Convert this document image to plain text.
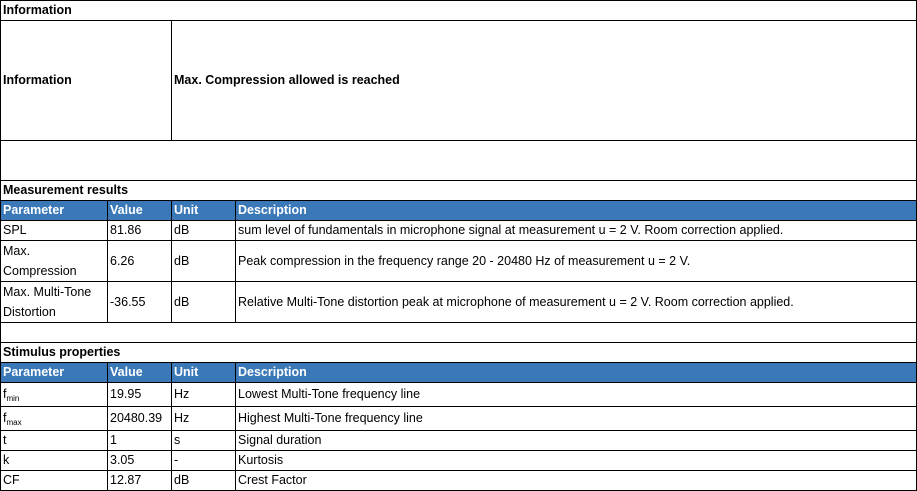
Information			
Information		Max. Compression allowed is reached	

Measurement results			
Parameter	Value	Unit	Description
SPL	81.86	dB	sum level of fundamentals in microphone signal at measurement u = 2 V. Room correction applied.
Max. Compression	6.26	dB	Peak compression in the frequency range 20 - 20480 Hz of measurement u = 2 V.
Max. Multi-Tone Distortion	-36.55	dB	Relative Multi-Tone distortion peak at microphone of measurement u = 2 V. Room correction applied.

Stimulus properties			
Parameter	Value	Unit	Description
$f_{min}$	19.95	Hz	Lowest Multi-Tone frequency line
$f_{max}$	20480.39	Hz	Highest Multi-Tone frequency line
t	1	s	Signal duration
k	3.05	-	Kurtosis
CF	12.87	dB	Crest Factor
